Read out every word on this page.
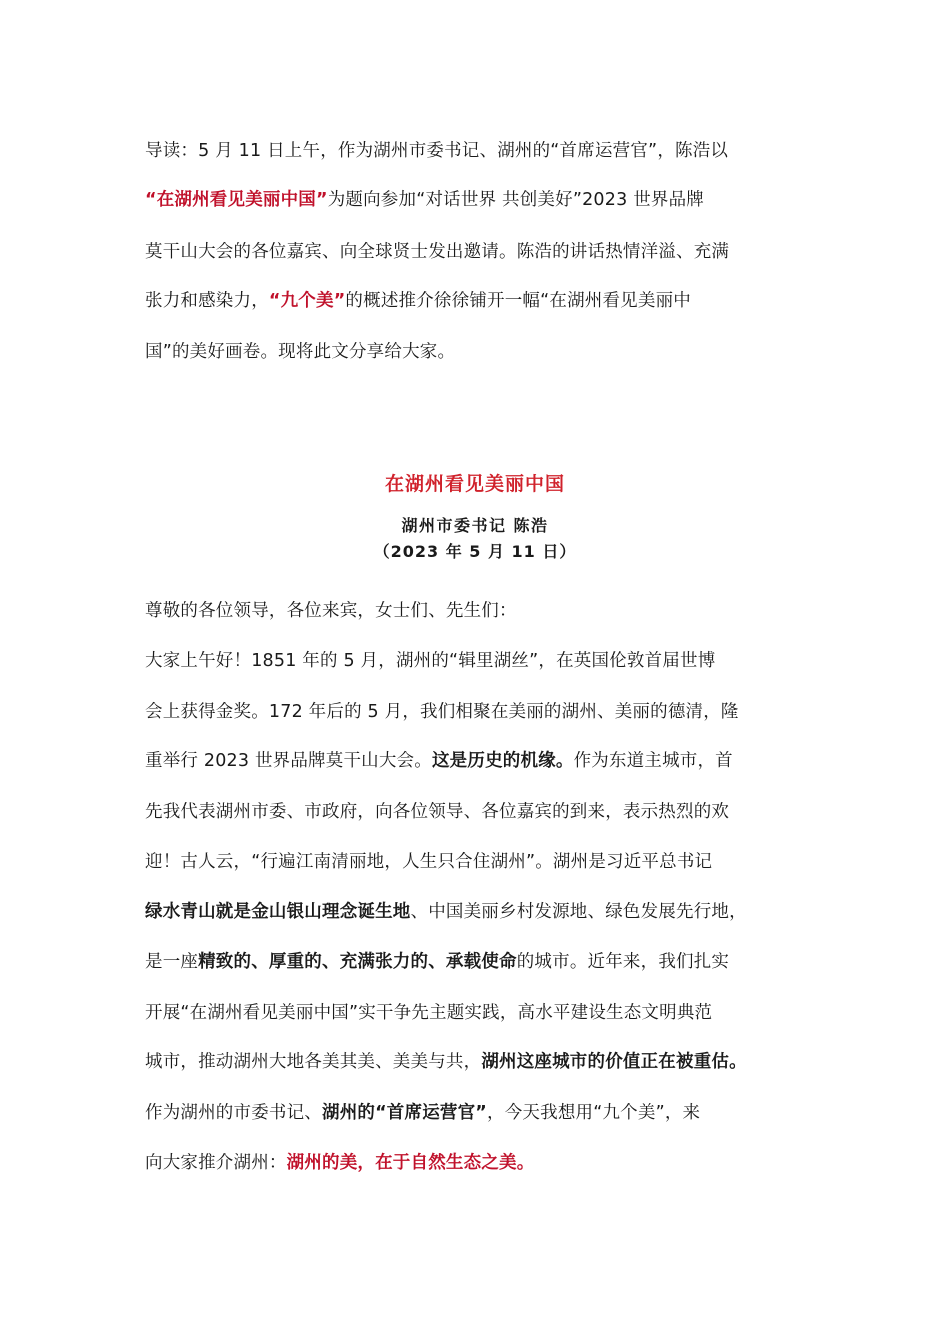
导读：5 月 11 日上午，作为湖州市委书记、湖州的“首席运营官”，陈浩以
“在湖州看见美丽中国”为题向参加“对话世界 共创美好”2023 世界品牌
莫干山大会的各位嘉宾、向全球贤士发出邀请。陈浩的讲话热情洋溢、充满
张力和感染力，“九个美”的概述推介徐徐铺开一幅“在湖州看见美丽中
国”的美好画卷。现将此文分享给大家。
在湖州看见美丽中国
湖州市委书记 陈浩
（2023 年 5 月 11 日）
尊敬的各位领导，各位来宾，女士们、先生们：
大家上午好！1851 年的 5 月，湖州的“辑里湖丝”，在英国伦敦首届世博
会上获得金奖。172 年后的 5 月，我们相聚在美丽的湖州、美丽的德清，隆
重举行 2023 世界品牌莫干山大会。这是历史的机缘。作为东道主城市，首
先我代表湖州市委、市政府，向各位领导、各位嘉宾的到来，表示热烈的欢
迎！古人云，“行遍江南清丽地，人生只合住湖州”。湖州是习近平总书记
绿水青山就是金山银山理念诞生地、中国美丽乡村发源地、绿色发展先行地，
是一座精致的、厚重的、充满张力的、承载使命的城市。近年来，我们扎实
开展“在湖州看见美丽中国”实干争先主题实践，高水平建设生态文明典范
城市，推动湖州大地各美其美、美美与共，湖州这座城市的价值正在被重估。
作为湖州的市委书记、湖州的“首席运营官”，今天我想用“九个美”，来
向大家推介湖州：湖州的美，在于自然生态之美。
